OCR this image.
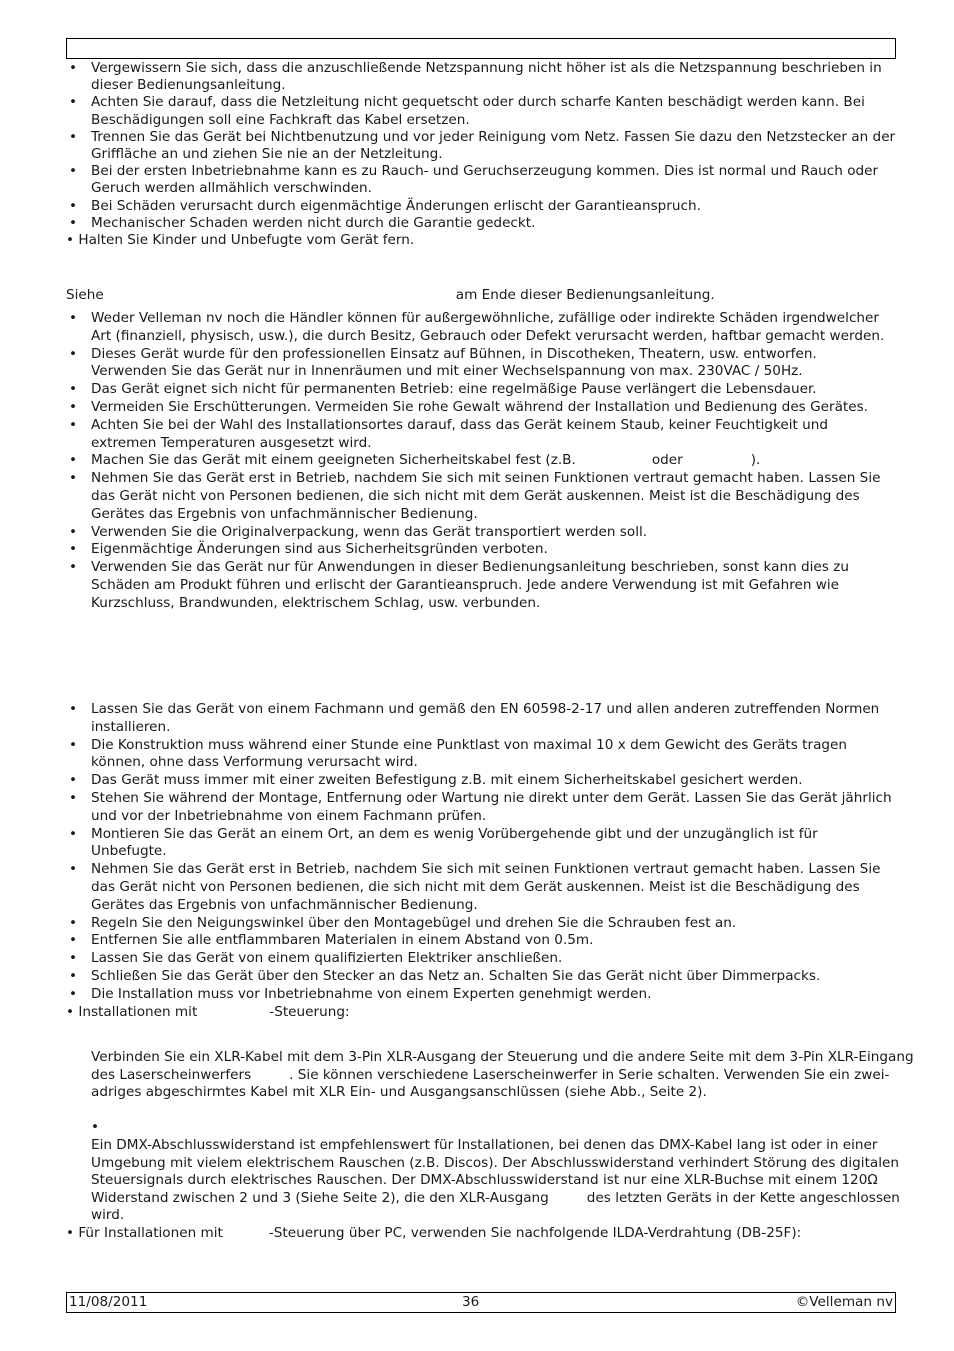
• Vergewissern Sie sich, dass die anzuschließende Netzspannung nicht höher ist als die Netzspannung beschrieben in dieser Bedienungsanleitung.
• Achten Sie darauf, dass die Netzleitung nicht gequetscht oder durch scharfe Kanten beschädigt werden kann. Bei Beschädigungen soll eine Fachkraft das Kabel ersetzen.
• Trennen Sie das Gerät bei Nichtbenutzung und vor jeder Reinigung vom Netz. Fassen Sie dazu den Netzstecker an der Griffläche an und ziehen Sie nie an der Netzleitung.
• Bei der ersten Inbetriebnahme kann es zu Rauch- und Geruchserzeugung kommen. Dies ist normal und Rauch oder Geruch werden allmählich verschwinden.
• Bei Schäden verursacht durch eigenmächtige Änderungen erlischt der Garantieanspruch.
• Mechanischer Schaden werden nicht durch die Garantie gedeckt.

• Halten Sie Kinder und Unbefugte vom Gerät fern.

Siehe	am Ende dieser Bedienungsanleitung.

• Weder Velleman nv noch die Händler können für außergewöhnliche, zufällige oder indirekte Schäden irgendwelcher Art (finanziell, physisch, usw.), die durch Besitz, Gebrauch oder Defekt verursacht werden, haftbar gemacht werden.
• Dieses Gerät wurde für den professionellen Einsatz auf Bühnen, in Discotheken, Theatern, usw. entworfen. Verwenden Sie das Gerät nur in Innenräumen und mit einer Wechselspannung von max. 230VAC / 50Hz.
• Das Gerät eignet sich nicht für permanenten Betrieb: eine regelmäßige Pause verlängert die Lebensdauer.
• Vermeiden Sie Erschütterungen. Vermeiden Sie rohe Gewalt während der Installation und Bedienung des Gerätes.
• Achten Sie bei der Wahl des Installationsortes darauf, dass das Gerät keinem Staub, keiner Feuchtigkeit und extremen Temperaturen ausgesetzt wird.
• Machen Sie das Gerät mit einem geeigneten Sicherheitskabel fest (z.B.	oder	).
• Nehmen Sie das Gerät erst in Betrieb, nachdem Sie sich mit seinen Funktionen vertraut gemacht haben. Lassen Sie das Gerät nicht von Personen bedienen, die sich nicht mit dem Gerät auskennen. Meist ist die Beschädigung des Gerätes das Ergebnis von unfachmännischer Bedienung.
• Verwenden Sie die Originalverpackung, wenn das Gerät transportiert werden soll.
• Eigenmächtige Änderungen sind aus Sicherheitsgründen verboten.
• Verwenden Sie das Gerät nur für Anwendungen in dieser Bedienungsanleitung beschrieben, sonst kann dies zu Schäden am Produkt führen und erlischt der Garantieanspruch. Jede andere Verwendung ist mit Gefahren wie Kurzschluss, Brandwunden, elektrischem Schlag, usw. verbunden.
• Lassen Sie das Gerät von einem Fachmann und gemäß den EN 60598-2-17 und allen anderen zutreffenden Normen installieren.
• Die Konstruktion muss während einer Stunde eine Punktlast von maximal 10 x dem Gewicht des Geräts tragen können, ohne dass Verformung verursacht wird.
• Das Gerät muss immer mit einer zweiten Befestigung z.B. mit einem Sicherheitskabel gesichert werden.
• Stehen Sie während der Montage, Entfernung oder Wartung nie direkt unter dem Gerät. Lassen Sie das Gerät jährlich und vor der Inbetriebnahme von einem Fachmann prüfen.
• Montieren Sie das Gerät an einem Ort, an dem es wenig Vorübergehende gibt und der unzugänglich ist für Unbefugte.
• Nehmen Sie das Gerät erst in Betrieb, nachdem Sie sich mit seinen Funktionen vertraut gemacht haben. Lassen Sie das Gerät nicht von Personen bedienen, die sich nicht mit dem Gerät auskennen. Meist ist die Beschädigung des Gerätes das Ergebnis von unfachmännischer Bedienung.
• Regeln Sie den Neigungswinkel über den Montagebügel und drehen Sie die Schrauben fest an.
• Entfernen Sie alle entflammbaren Materialen in einem Abstand von 0.5m.
• Lassen Sie das Gerät von einem qualifizierten Elektriker anschließen.
• Schließen Sie das Gerät über den Stecker an das Netz an. Schalten Sie das Gerät nicht über Dimmerpacks.
• Die Installation muss vor Inbetriebnahme von einem Experten genehmigt werden.

• Installationen mit	-Steuerung:

Verbinden Sie ein XLR-Kabel mit dem 3-Pin XLR-Ausgang der Steuerung und die andere Seite mit dem 3-Pin XLR-Eingang des Laserscheinwerfers	. Sie können verschiedene Laserscheinwerfer in Serie schalten. Verwenden Sie ein zwei-adriges abgeschirmtes Kabel mit XLR Ein- und Ausgangsanschlüssen (siehe Abb., Seite 2).

•

Ein DMX-Abschlusswiderstand ist empfehlenswert für Installationen, bei denen das DMX-Kabel lang ist oder in einer Umgebung mit vielem elektrischem Rauschen (z.B. Discos). Der Abschlusswiderstand verhindert Störung des digitalen Steuersignals durch elektrisches Rauschen. Der DMX-Abschlusswiderstand ist nur eine XLR-Buchse mit einem 120Ω Widerstand zwischen 2 und 3 (Siehe Seite 2), die den XLR-Ausgang	des letzten Geräts in der Kette angeschlossen wird.

• Für Installationen mit	-Steuerung über PC, verwenden Sie nachfolgende ILDA-Verdrahtung (DB-25F):

11/08/2011	36	©Velleman nv
